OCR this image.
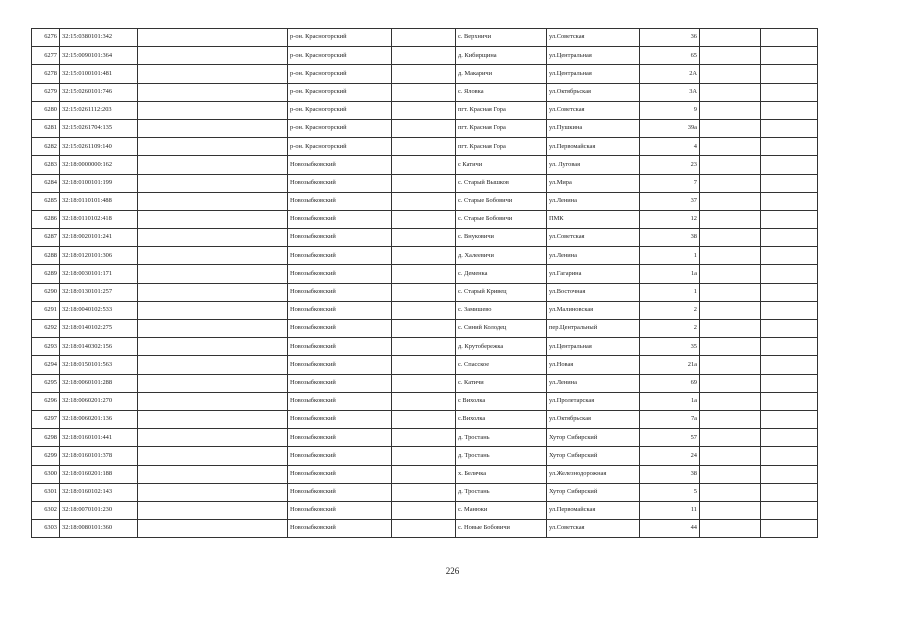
6276	32:15:0380101:342		р-он. Красногорский		с. Верхничи	ул.Советская	36		
6277	32:15:0090101:364		р-он. Красногорский		д. Кибирщина	ул.Центральная	65		
6278	32:15:0100101:481		р-он. Красногорский		д. Макаричи	ул.Центральная	2А		
6279	32:15:0260101:746		р-он. Красногорский		с. Яловка	ул.Октябрьская	3А		
6280	32:15:0261112:203		р-он. Красногорский		пгт. Красная Гора	ул.Советская	9		
6281	32:15:0261704:135		р-он. Красногорский		пгт. Красная Гора	ул.Пушкина	39а		
6282	32:15:0261109:140		р-он. Красногорский		пгт. Красная Гора	ул.Первомайская	4		
6283	32:18:0000000:162		Новозыбковский		с Катичи	ул. Луговая	23		
6284	32:18:0100101:199		Новозыбковский		с. Старый Вышков	ул.Мира	7		
6285	32:18:0110101:488		Новозыбковский		с. Старые Бобовичи	ул.Ленина	37		
6286	32:18:0110102:418		Новозыбковский		с. Старые Бобовичи	ПМК	12		
6287	32:18:0020101:241		Новозыбковский		с. Внуковичи	ул.Советская	38		
6288	32:18:0120101:306		Новозыбковский		д. Халеевичи	ул.Ленина	1		
6289	32:18:0030101:171		Новозыбковский		с. Деменка	ул.Гагарина	1а		
6290	32:18:0130101:257		Новозыбковский		с. Старый Кривец	ул.Восточная	1		
6291	32:18:0040102:533		Новозыбковский		с. Замишево	ул.Малиновская	2		
6292	32:18:0140102:275		Новозыбковский		с. Синий Колодец	пер.Центральный	2		
6293	32:18:0140302:156		Новозыбковский		д. Крутобережка	ул.Центральная	35		
6294	32:18:0150101:563		Новозыбковский		с. Спасское	ул.Новая	21а		
6295	32:18:0060101:288		Новозыбковский		с. Катичи	ул.Ленина	69		
6296	32:18:0060201:270		Новозыбковский		с Вихолка	ул.Пролетарская	1а		
6297	32:18:0060201:136		Новозыбковский		с.Вихолка	ул.Октябрьская	7а		
6298	32:18:0160101:441		Новозыбковский		д. Тростань	Хутор Сибирский	57		
6299	32:18:0160101:378		Новозыбковский		д. Тростань	Хутор Сибирский	24		
6300	32:18:0160201:188		Новозыбковский		х. Белячка	ул.Железнодорожная	38		
6301	32:18:0160102:143		Новозыбковский		д. Тростань	Хутор Сибирский	5		
6302	32:18:0070101:230		Новозыбковский		с. Манюки	ул.Первомайская	11		
6303	32:18:0080101:360		Новозыбковский		с. Новые Бобовичи	ул.Советская	44		
226
